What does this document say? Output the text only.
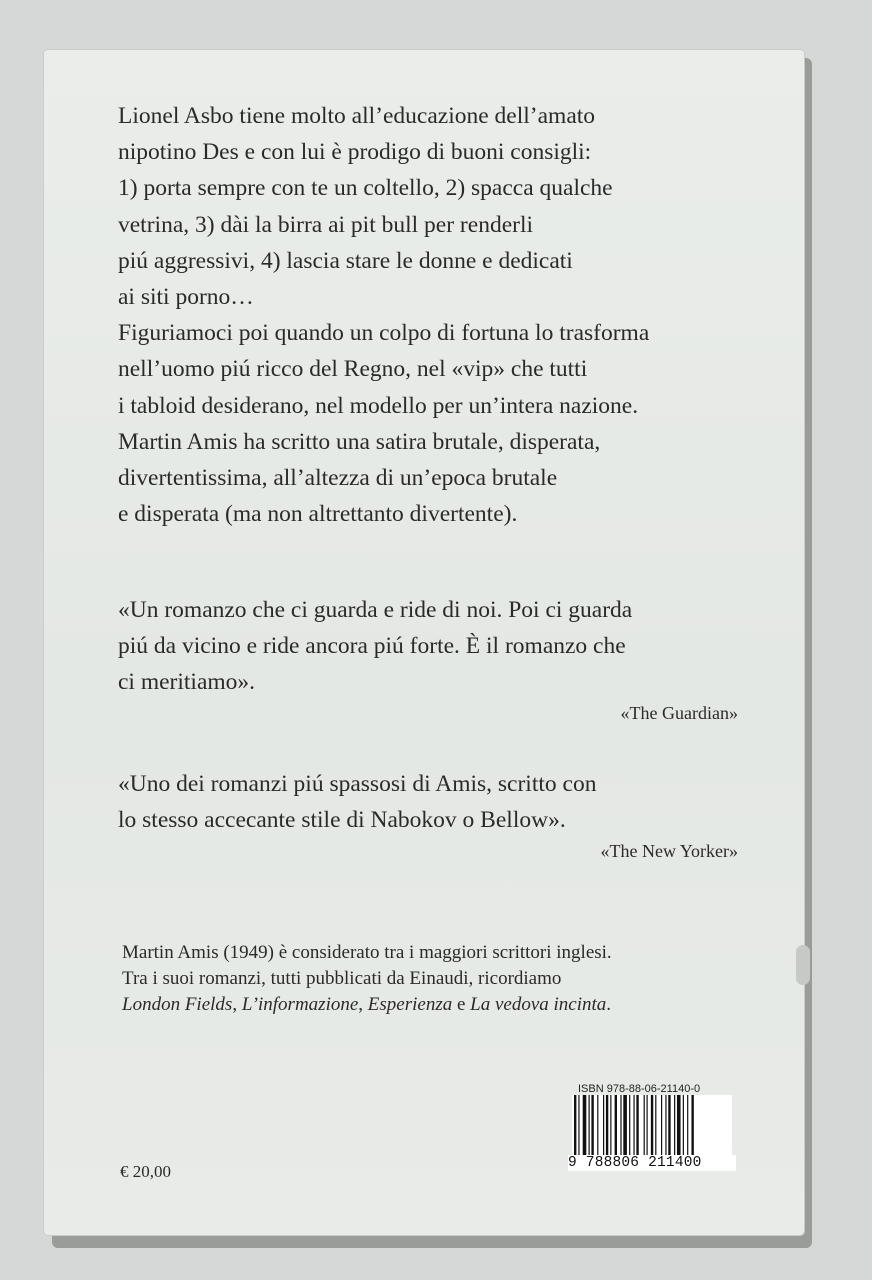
Lionel Asbo tiene molto all’educazione dell’amato
nipotino Des e con lui è prodigo di buoni consigli:
1) porta sempre con te un coltello, 2) spacca qualche
vetrina, 3) dài la birra ai pit bull per renderli
piú aggressivi, 4) lascia stare le donne e dedicati
ai siti porno…
Figuriamoci poi quando un colpo di fortuna lo trasforma
nell’uomo piú ricco del Regno, nel «vip» che tutti
i tabloid desiderano, nel modello per un’intera nazione.
Martin Amis ha scritto una satira brutale, disperata,
divertentissima, all’altezza di un’epoca brutale
e disperata (ma non altrettanto divertente).
«Un romanzo che ci guarda e ride di noi. Poi ci guarda
piú da vicino e ride ancora piú forte. È il romanzo che
ci meritiamo».
«The Guardian»
«Uno dei romanzi piú spassosi di Amis, scritto con
lo stesso accecante stile di Nabokov o Bellow».
«The New Yorker»
Martin Amis (1949) è considerato tra i maggiori scrittori inglesi.
Tra i suoi romanzi, tutti pubblicati da Einaudi, ricordiamo
London Fields, L’informazione, Esperienza e La vedova incinta.
€ 20,00
ISBN 978-88-06-21140-0
9 788806 211400
